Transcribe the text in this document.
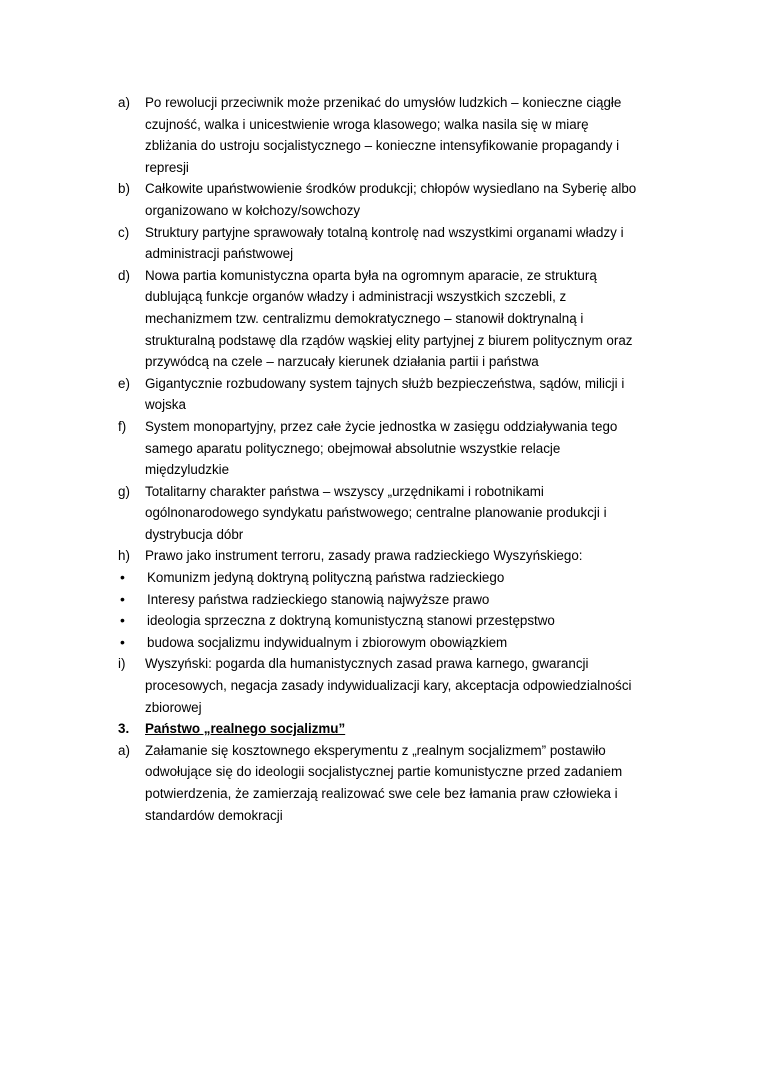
a)	Po rewolucji przeciwnik może przenikać do umysłów ludzkich – konieczne ciągłe czujność, walka i unicestwienie wroga klasowego; walka nasila się w miarę zbliżania do ustroju socjalistycznego – konieczne intensyfikowanie propagandy i represji
b)	Całkowite upaństwowienie środków produkcji; chłopów wysiedlano na Syberię albo organizowano w kołchozy/sowchozy
c)	Struktury partyjne sprawowały totalną kontrolę nad wszystkimi organami władzy i administracji państwowej
d)	Nowa partia komunistyczna oparta była na ogromnym aparacie, ze strukturą dublującą funkcje organów władzy i administracji wszystkich szczebli, z mechanizmem tzw. centralizmu demokratycznego – stanowił doktrynalną i strukturalną podstawę dla rządów wąskiej elity partyjnej z biurem politycznym oraz przywódcą na czele – narzucały kierunek działania partii i państwa
e)	Gigantycznie rozbudowany system tajnych służb bezpieczeństwa, sądów, milicji i wojska
f)	System monopartyjny, przez całe życie jednostka w zasięgu oddziaływania tego samego aparatu politycznego; obejmował absolutnie wszystkie relacje międzyludzkie
g)	Totalitarny charakter państwa – wszyscy „urzędnikami i robotnikami ogólnonarodowego syndykatu państwowego; centralne planowanie produkcji i dystrybucja dóbr
h)	Prawo jako instrument terroru, zasady prawa radzieckiego Wyszyńskiego:
•	Komunizm jedyną doktryną polityczną państwa radzieckiego
•	Interesy państwa radzieckiego stanowią najwyższe prawo
•	ideologia sprzeczna z doktryną komunistyczną stanowi przestępstwo
•	budowa socjalizmu indywidualnym i zbiorowym obowiązkiem
i)	Wyszyński: pogarda dla humanistycznych zasad prawa karnego, gwarancji procesowych, negacja zasady indywidualizacji kary, akceptacja odpowiedzialności zbiorowej
3.	Państwo „realnego socjalizmu”
a)	Załamanie się kosztownego eksperymentu z „realnym socjalizmem” postawiło odwołujące się do ideologii socjalistycznej partie komunistyczne przed zadaniem potwierdzenia, że zamierzają realizować swe cele bez łamania praw człowieka i standardów demokracji
